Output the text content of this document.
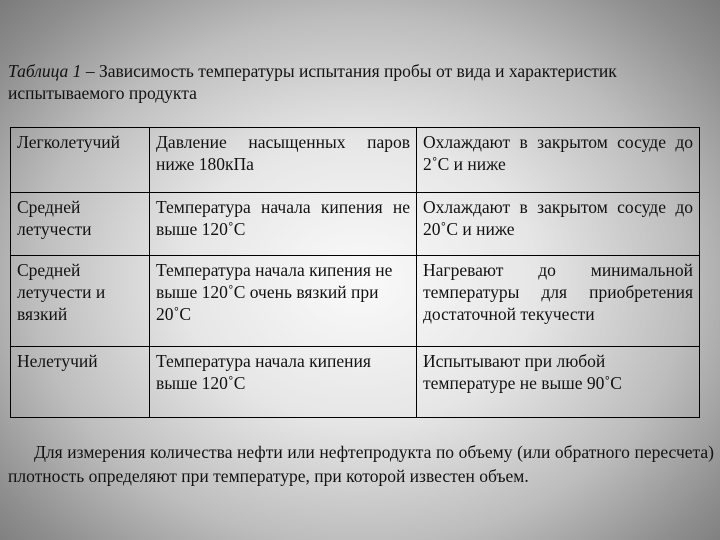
Таблица 1 – Зависимость температуры испытания пробы от вида и характеристик испытываемого продукта

Легколетучий	Давление насыщенных паров ниже 180кПа	Охлаждают в закрытом сосуде до 2˚С и ниже
Средней летучести	Температура начала кипения не выше 120˚С	Охлаждают в закрытом сосуде до 20˚С и ниже
Средней летучести и вязкий	Температура начала кипения не выше 120˚С очень вязкий при 20˚С	Нагревают до минимальной температуры для приобретения достаточной текучести
Нелетучий	Температура начала кипения выше 120˚С	Испытывают при любой температуре не выше 90˚С

Для измерения количества нефти или нефтепродукта по объему (или обратного пересчета) плотность определяют при температуре, при которой известен объем.
